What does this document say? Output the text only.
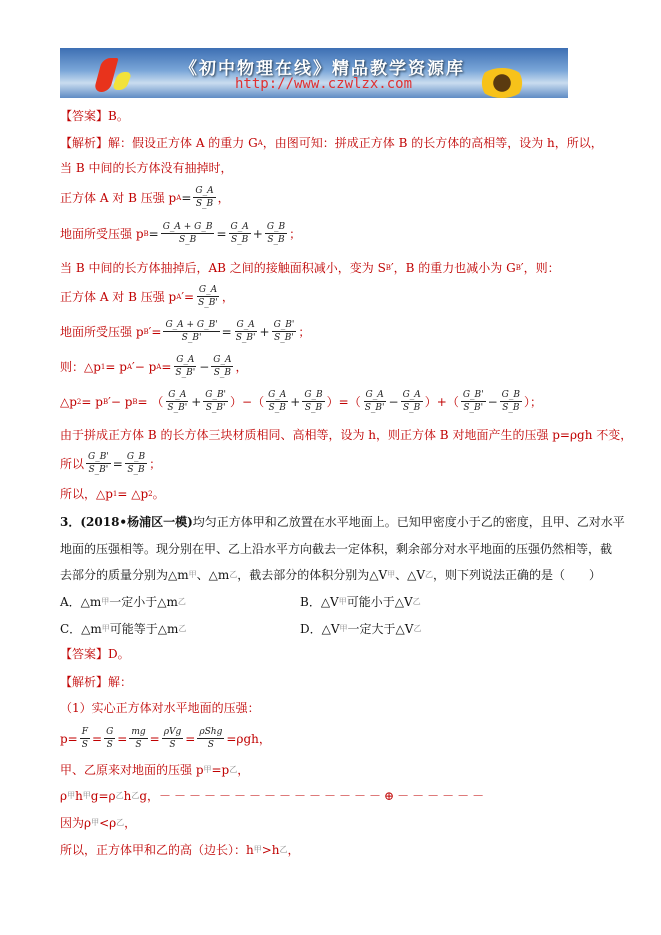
《初中物理在线》精品教学资源库
http://www.czwlzx.com
【答案】B。
【解析】解：假设正方体 A 的重力 G A ，由图可知：拼成正方体 B 的长方体的高相等，设为 h，所以，
当 B 中间的长方体没有抽掉时，
正方体 A 对 B 压强 p $A = \frac{G\_A}{S\_B}$ ，
地面所受压强 p $B = \frac{G\_A + G\_B}{S\_B} = \frac{G\_A}{S\_B} + \frac{G\_B}{S\_B}$ ；
当 B 中间的长方体抽掉后，AB 之间的接触面积减小，变为 S B ′，B 的重力也减小为 G B ′，则：
正方体 A 对 B 压强 p A ′= $\frac{G\_A}{S\_B'}$ ，
地面所受压强 p B ′= $\frac{G\_A + G\_B'}{S\_B'} = \frac{G\_A}{S\_B'} + \frac{G\_B'}{S\_B'}$ ；
则：△p 1 = p A ′− p $A = \frac{G\_A}{S\_B'} - \frac{G\_A}{S\_B}$ ，
△p 2 = p B ′− p B = （ $\frac{G\_A}{S\_B'} + \frac{G\_B'}{S\_B'}$ ）−（ $\frac{G\_A}{S\_B} + \frac{G\_B}{S\_B}$ ）=（ $\frac{G\_A}{S\_B'} - \frac{G\_A}{S\_B}$ ）+（ $\frac{G\_B'}{S\_B'} - \frac{G\_B}{S\_B}$ ）；
由于拼成正方体 B 的长方体三块材质相同、高相等，设为 h，则正方体 B 对地面产生的压强 p=ρgh 不变，
所以 $\frac{G\_B'}{S\_B'} = \frac{G\_B}{S\_B}$ ；
所以，△p 1 = △p 2 。
3．(2018•杨浦区一模) 均匀正方体甲和乙放置在水平地面上。已知甲密度小于乙的密度，且甲、乙对水平
地面的压强相等。现分别在甲、乙上沿水平方向截去一定体积，剩余部分对水平地面的压强仍然相等，截
去部分的质量分别为△m 甲 、△m 乙 ，截去部分的体积分别为△V 甲 、△V 乙 ，则下列说法正确的是（　　）
A．△m 甲 一定小于△m 乙	B．△V 甲 可能小于△V 乙
C．△m 甲 可能等于△m 乙	D．△V 甲 一定大于△V 乙
【答案】D。
【解析】解：
（1）实心正方体对水平地面的压强：
$p= \frac{F}{S} = \frac{G}{S} = \frac{mg}{S} = \frac{\text{ρVg}}{S} = \frac{\text{ρShg}}{S} =\rho gh$，
甲、乙原来对地面的压强 p 甲 =p 乙 ，
ρ 甲 h 甲 g=ρ 乙 h 乙 g， －－－－－－－－－－－－－－－⊕－－－－－－
因为ρ 甲 <ρ 乙 ，
所以，正方体甲和乙的高（边长）：h 甲 >h 乙 ，
